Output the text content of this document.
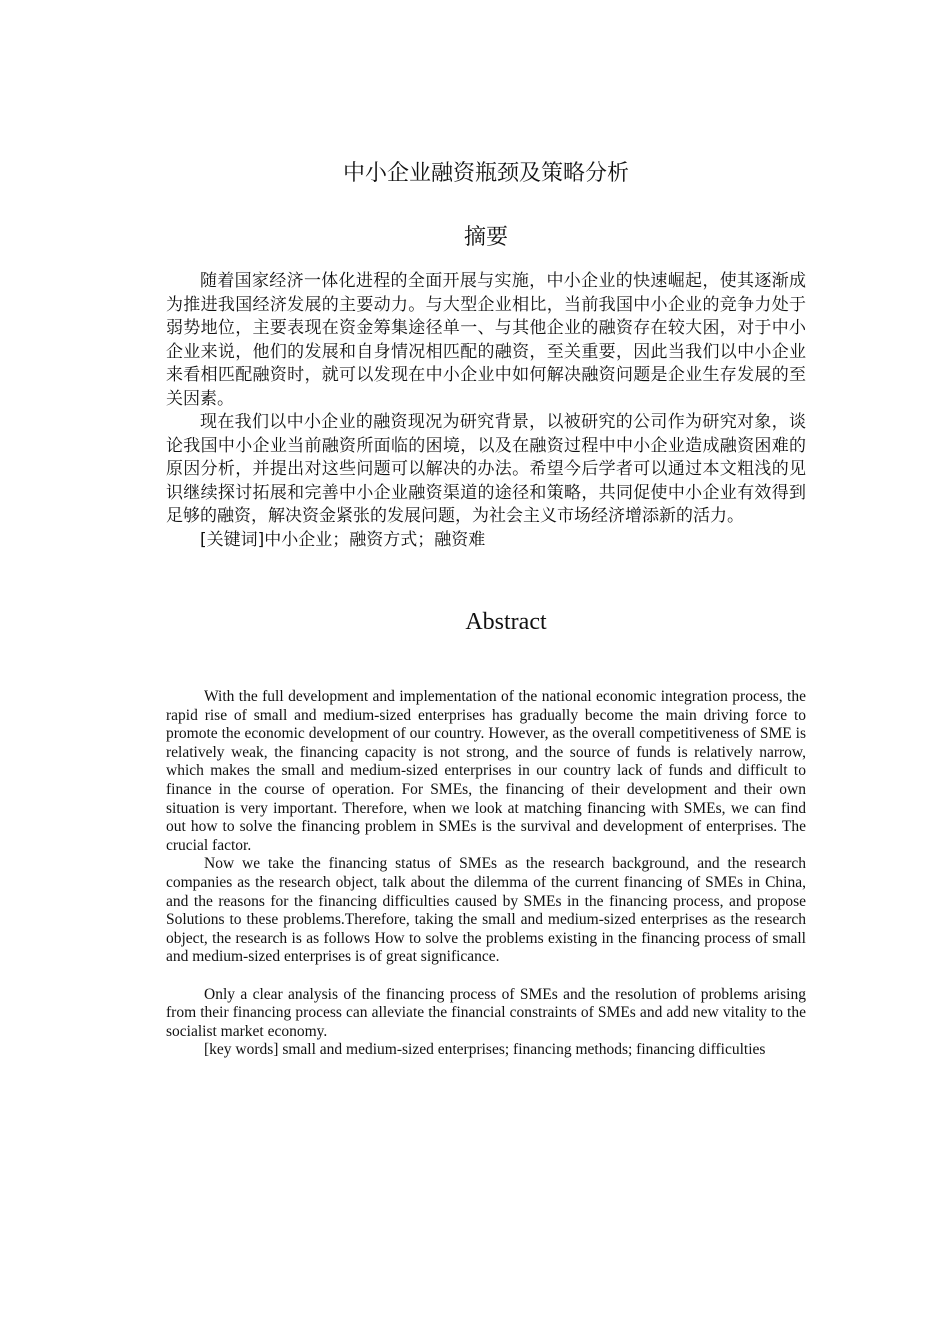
中小企业融资瓶颈及策略分析
摘要

随着国家经济一体化进程的全面开展与实施，中小企业的快速崛起，使其逐渐成为推进我国经济发展的主要动力。与大型企业相比，当前我国中小企业的竞争力处于弱势地位，主要表现在资金筹集途径单一、与其他企业的融资存在较大困，对于中小企业来说，他们的发展和自身情况相匹配的融资，至关重要，因此当我们以中小企业来看相匹配融资时，就可以发现在中小企业中如何解决融资问题是企业生存发展的至关因素。

现在我们以中小企业的融资现况为研究背景，以被研究的公司作为研究对象，谈论我国中小企业当前融资所面临的困境，以及在融资过程中中小企业造成融资困难的原因分析，并提出对这些问题可以解决的办法。希望今后学者可以通过本文粗浅的见识继续探讨拓展和完善中小企业融资渠道的途径和策略，共同促使中小企业有效得到足够的融资，解决资金紧张的发展问题，为社会主义市场经济增添新的活力。

[关键词]中小企业；融资方式；融资难

Abstract

With the full development and implementation of the national economic integration process, the rapid rise of small and medium-sized enterprises has gradually become the main driving force to promote the economic development of our country. However, as the overall competitiveness of SME is relatively weak, the financing capacity is not strong, and the source of funds is relatively narrow, which makes the small and medium-sized enterprises in our country lack of funds and difficult to finance in the course of operation. For SMEs, the financing of their development and their own situation is very important. Therefore, when we look at matching financing with SMEs, we can find out how to solve the financing problem in SMEs is the survival and development of enterprises. The crucial factor.

Now we take the financing status of SMEs as the research background, and the research companies as the research object, talk about the dilemma of the current financing of SMEs in China, and the reasons for the financing difficulties caused by SMEs in the financing process, and propose Solutions to these problems.Therefore, taking the small and medium-sized enterprises as the research object, the research is as follows How to solve the problems existing in the financing process of small and medium-sized enterprises is of great significance.

Only a clear analysis of the financing process of SMEs and the resolution of problems arising from their financing process can alleviate the financial constraints of SMEs and add new vitality to the socialist market economy.

[key words] small and medium-sized enterprises; financing methods; financing difficulties
